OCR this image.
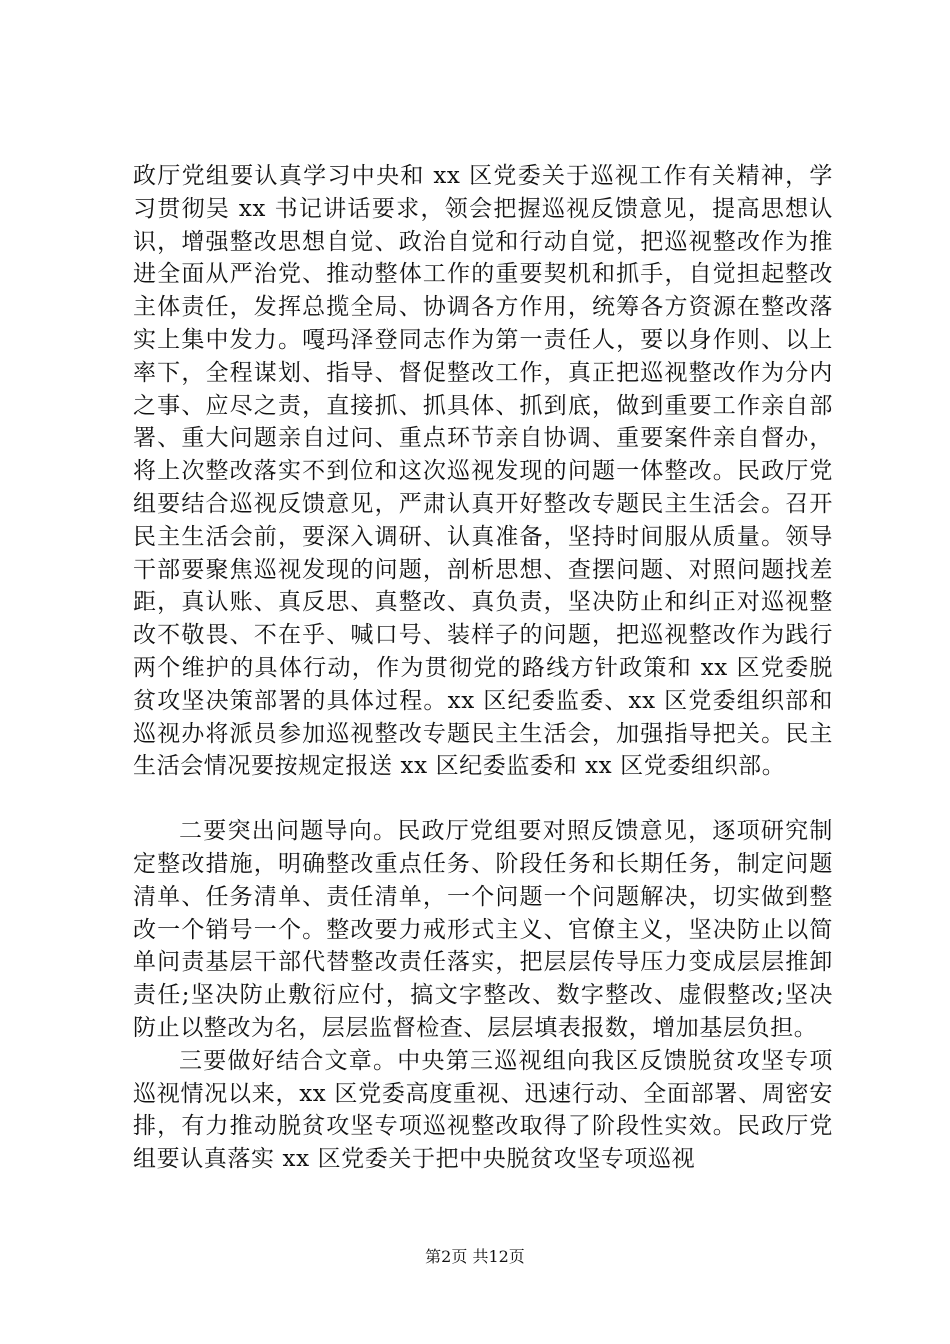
政厅党组要认真学习中央和 xx 区党委关于巡视工作有关精神，学习贯彻吴 xx 书记讲话要求，领会把握巡视反馈意见，提高思想认识，增强整改思想自觉、政治自觉和行动自觉，把巡视整改作为推进全面从严治党、推动整体工作的重要契机和抓手，自觉担起整改主体责任，发挥总揽全局、协调各方作用，统筹各方资源在整改落实上集中发力。嘎玛泽登同志作为第一责任人，要以身作则、以上率下，全程谋划、指导、督促整改工作，真正把巡视整改作为分内之事、应尽之责，直接抓、抓具体、抓到底，做到重要工作亲自部署、重大问题亲自过问、重点环节亲自协调、重要案件亲自督办，将上次整改落实不到位和这次巡视发现的问题一体整改。民政厅党组要结合巡视反馈意见，严肃认真开好整改专题民主生活会。召开民主生活会前，要深入调研、认真准备，坚持时间服从质量。领导干部要聚焦巡视发现的问题，剖析思想、查摆问题、对照问题找差距，真认账、真反思、真整改、真负责，坚决防止和纠正对巡视整改不敬畏、不在乎、喊口号、装样子的问题，把巡视整改作为践行两个维护的具体行动，作为贯彻党的路线方针政策和 xx 区党委脱贫攻坚决策部署的具体过程。xx 区纪委监委、xx 区党委组织部和巡视办将派员参加巡视整改专题民主生活会，加强指导把关。民主生活会情况要按规定报送 xx 区纪委监委和 xx 区党委组织部。

二要突出问题导向。民政厅党组要对照反馈意见，逐项研究制定整改措施，明确整改重点任务、阶段任务和长期任务，制定问题清单、任务清单、责任清单，一个问题一个问题解决，切实做到整改一个销号一个。整改要力戒形式主义、官僚主义，坚决防止以简单问责基层干部代替整改责任落实，把层层传导压力变成层层推卸责任;坚决防止敷衍应付，搞文字整改、数字整改、虚假整改;坚决防止以整改为名，层层监督检查、层层填表报数，增加基层负担。

三要做好结合文章。中央第三巡视组向我区反馈脱贫攻坚专项巡视情况以来，xx 区党委高度重视、迅速行动、全面部署、周密安排，有力推动脱贫攻坚专项巡视整改取得了阶段性实效。民政厅党组要认真落实 xx 区党委关于把中央脱贫攻坚专项巡视

第2页 共12页
